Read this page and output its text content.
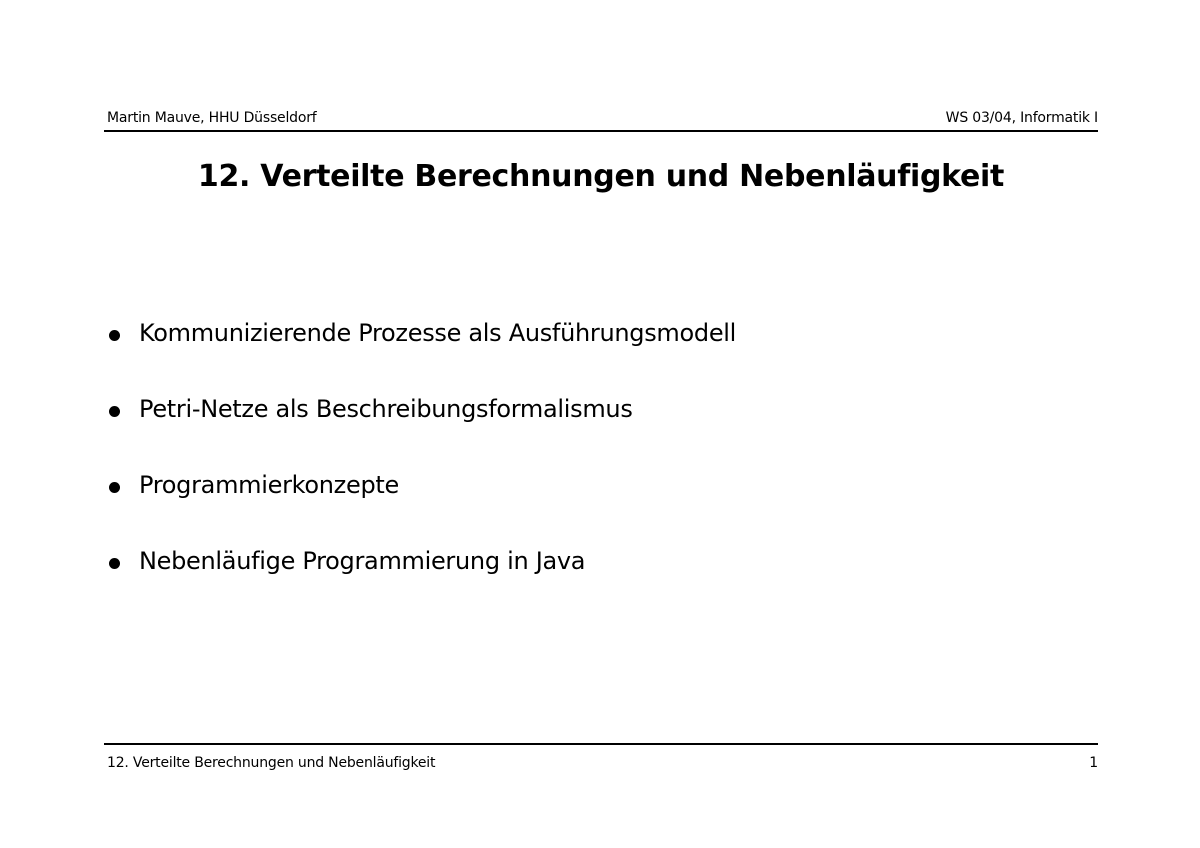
Martin Mauve, HHU Düsseldorf	WS 03/04, Informatik I
12. Verteilte Berechnungen und Nebenläufigkeit
Kommunizierende Prozesse als Ausführungsmodell
Petri-Netze als Beschreibungsformalismus
Programmierkonzepte
Nebenläufige Programmierung in Java
12. Verteilte Berechnungen und Nebenläufigkeit	1
